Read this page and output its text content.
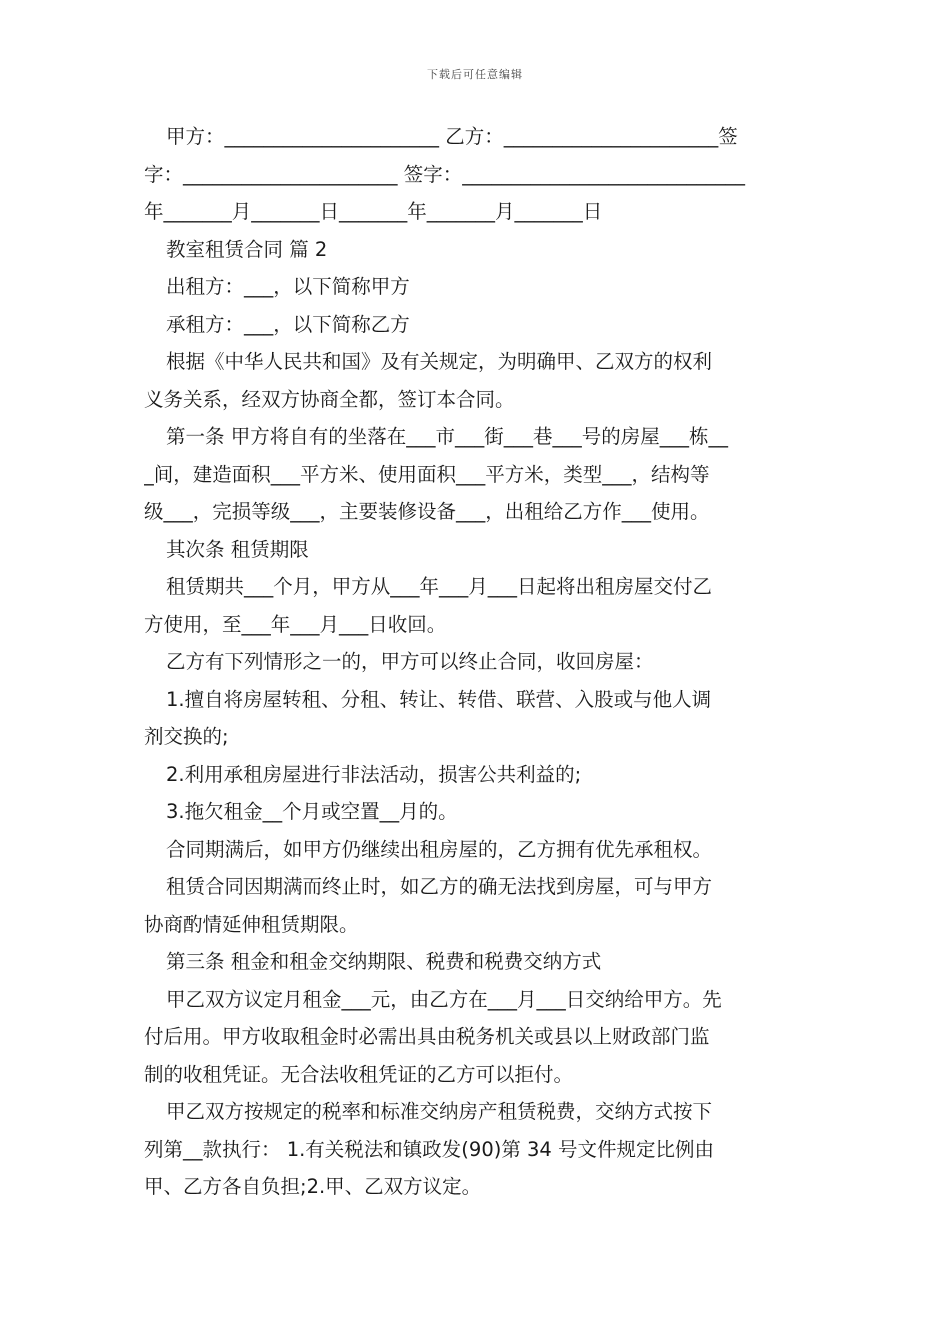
下载后可任意编辑
甲方：______________________ 乙方：______________________签
字：______________________ 签字：_____________________________
年_______月_______日_______年_______月_______日
教室租赁合同 篇 2
出租方：___，以下简称甲方
承租方：___，以下简称乙方
根据《中华人民共和国》及有关规定，为明确甲、乙双方的权利
义务关系，经双方协商全都，签订本合同。
第一条 甲方将自有的坐落在___市___街___巷___号的房屋___栋__
_间，建造面积___平方米、使用面积___平方米，类型___，结构等
级___，完损等级___，主要装修设备___，出租给乙方作___使用。
其次条 租赁期限
租赁期共___个月，甲方从___年___月___日起将出租房屋交付乙
方使用，至___年___月___日收回。
乙方有下列情形之一的，甲方可以终止合同，收回房屋：
1.擅自将房屋转租、分租、转让、转借、联营、入股或与他人调
剂交换的;
2.利用承租房屋进行非法活动，损害公共利益的;
3.拖欠租金__个月或空置__月的。
合同期满后，如甲方仍继续出租房屋的，乙方拥有优先承租权。
租赁合同因期满而终止时，如乙方的确无法找到房屋，可与甲方
协商酌情延伸租赁期限。
第三条 租金和租金交纳期限、税费和税费交纳方式
甲乙双方议定月租金___元，由乙方在___月___日交纳给甲方。先
付后用。甲方收取租金时必需出具由税务机关或县以上财政部门监
制的收租凭证。无合法收租凭证的乙方可以拒付。
甲乙双方按规定的税率和标准交纳房产租赁税费，交纳方式按下
列第__款执行： 1.有关税法和镇政发(90)第 34 号文件规定比例由
甲、乙方各自负担;2.甲、乙双方议定。
